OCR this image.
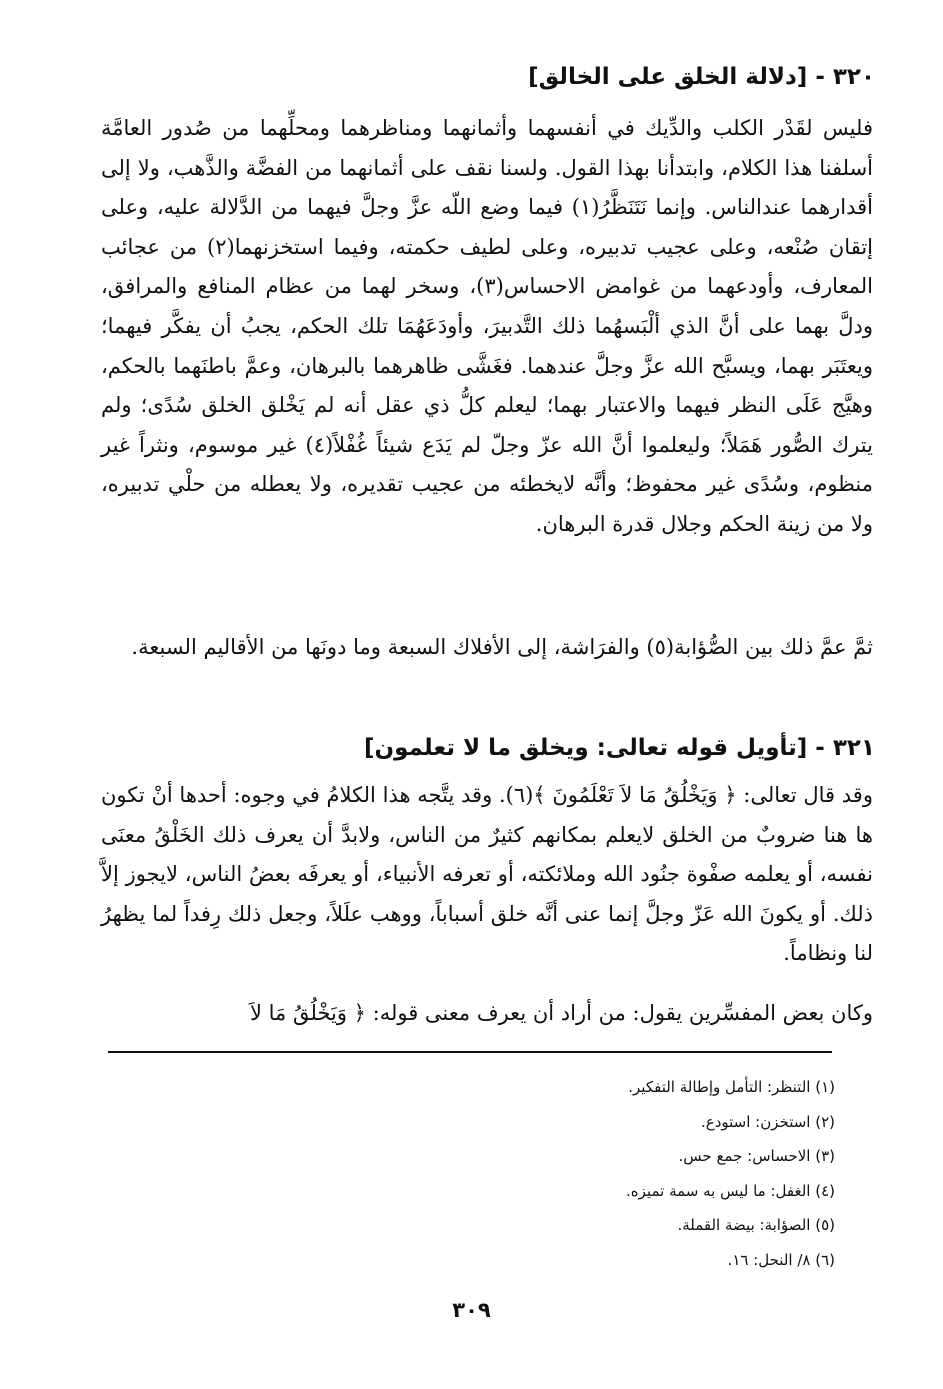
٣٢٠ - [دلالة الخلق على الخالق]

فليس لقَدْر الكلب والدِّيك في أنفسهما وأثمانهما ومناظرهما ومحلِّهما من صُدور العامَّة أسلفنا هذا الكلام، وابتدأنا بهذا القول. ولسنا نقف على أثمانهما من الفضَّة والذَّهب، ولا إلى أقدارهما عندالناس. وإنما نَتَنَظَّرُ(١) فيما وضع اللّه عزَّ وجلَّ فيهما من الدَّلالة عليه، وعلى إتقان صُنْعه، وعلى عجيب تدبيره، وعلى لطيف حكمته، وفيما استخزنهما(٢) من عجائب المعارف، وأودعهما من غوامض الاحساس(٣)، وسخر لهما من عظام المنافع والمرافق، ودلَّ بهما على أنَّ الذي ألْبَسهُما ذلك التَّدبيرَ، وأودَعَهُمَا تلك الحكم، يجبُ أن يفكَّر فيهما؛ ويعتَبَر بهما، ويسبَّح الله عزَّ وجلَّ عندهما. فغَشَّى ظاهرهما بالبرهان، وعمَّ باطنَهما بالحكم، وهيَّج عَلَى النظر فيهما والاعتبار بهما؛ ليعلم كلُّ ذي عقل أنه لم يَخْلق الخلق سُدًى؛ ولم يترك الصُّور هَمَلاً؛ وليعلموا أنَّ الله عزّ وجلّ لم يَدَع شيئاً غُفْلاً(٤) غير موسوم، ونثراً غير منظوم، وسُدًى غير محفوظ؛ وأنَّه لايخطئه من عجيب تقديره، ولا يعطله من حلْي تدبيره، ولا من زينة الحكم وجلال قدرة البرهان.

ثمَّ عمَّ ذلك بين الصُّؤابة(٥) والفرَاشة، إلى الأفلاك السبعة وما دونَها من الأقاليم السبعة.

٣٢١ - [تأويل قوله تعالى: ويخلق ما لا تعلمون]

وقد قال تعالى: ﴿ وَيَخْلُقُ مَا لاَ تَعْلَمُونَ ﴾(٦). وقد يتَّجه هذا الكلامُ في وجوه: أحدها أنْ تكون ها هنا ضروبٌ من الخلق لايعلم بمكانهم كثيرٌ من الناس، ولابدَّ أن يعرف ذلك الخَلْقُ معنَى نفسه، أو يعلمه صفْوة جنُود الله وملائكته، أو تعرفه الأنبياء، أو يعرفَه بعضُ الناس، لايجوز إلاَّ ذلك. أو يكونَ الله عَزّ وجلَّ إنما عنى أنَّه خلق أسباباً، ووهب علَلاً، وجعل ذلك رِفداً لما يظهرُ لنا ونظاماً.

وكان بعض المفسِّرين يقول: من أراد أن يعرف معنى قوله: ﴿ وَيَخْلُقُ مَا لاَ

(١) التنظر: التأمل وإطالة التفكير.
(٢) استخزن: استودع.
(٣) الاحساس: جمع حس.
(٤) الغفل: ما ليس به سمة تميزه.
(٥) الصؤابة: بيضة القملة.
(٦) ٨/ النحل: ١٦.
٣٠٩
